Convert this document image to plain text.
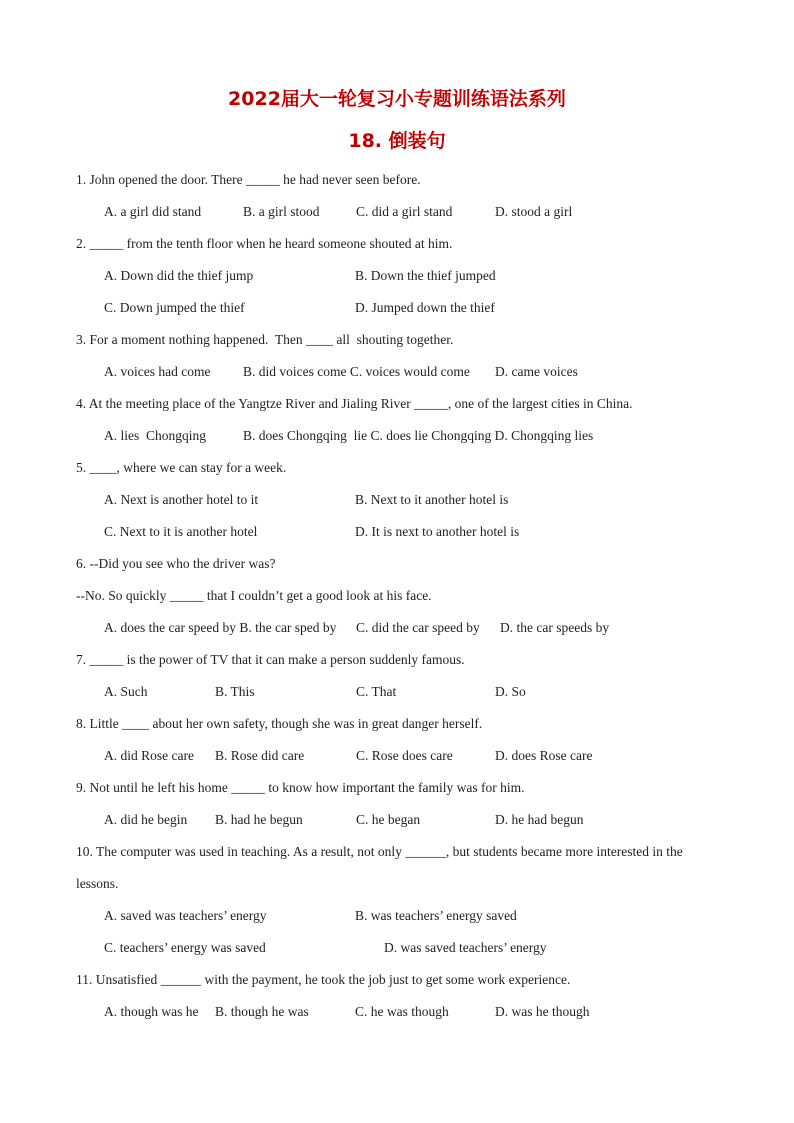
2022届大一轮复习小专题训练语法系列
18. 倒装句
1. John opened the door. There _____ he had never seen before.
A. a girl did stand	B. a girl stood	C. did a girl stand	D. stood a girl
2. _____ from the tenth floor when he heard someone shouted at him.
A. Down did the thief jump	B. Down the thief jumped
C. Down jumped the thief	D. Jumped down the thief
3. For a moment nothing happened.  Then ____ all  shouting together.
A. voices had come B. did voices come C. voices would come D. came voices
4. At the meeting place of the Yangtze River and Jialing River _____, one of the largest cities in China.
A. lies  Chongqing	B. does Chongqing  lie C. does lie Chongqing D. Chongqing lies
5. ____, where we can stay for a week.
A. Next is another hotel to it	B. Next to it another hotel is
C. Next to it is another hotel	D. It is next to another hotel is
6. --Did you see who the driver was?
--No. So quickly _____ that I couldn’t get a good look at his face.
A. does the car speed by B. the car sped by C. did the car speed by D. the car speeds by
7. _____ is the power of TV that it can make a person suddenly famous.
A. Such	B. This	C. That	D. So
8. Little ____ about her own safety, though she was in great danger herself.
A. did Rose care B. Rose did care	C. Rose does care	D. does Rose care
9. Not until he left his home _____ to know how important the family was for him.
A. did he begin B. had he begun	C. he began	D. he had begun
10. The computer was used in teaching. As a result, not only ______, but students became more interested in the
lessons.
A. saved was teachers’ energy	B. was teachers’ energy saved
C. teachers’ energy was saved	D. was saved teachers’ energy
11. Unsatisfied ______ with the payment, he took the job just to get some work experience.
A. though was he B. though he was	C. he was though	D. was he though
